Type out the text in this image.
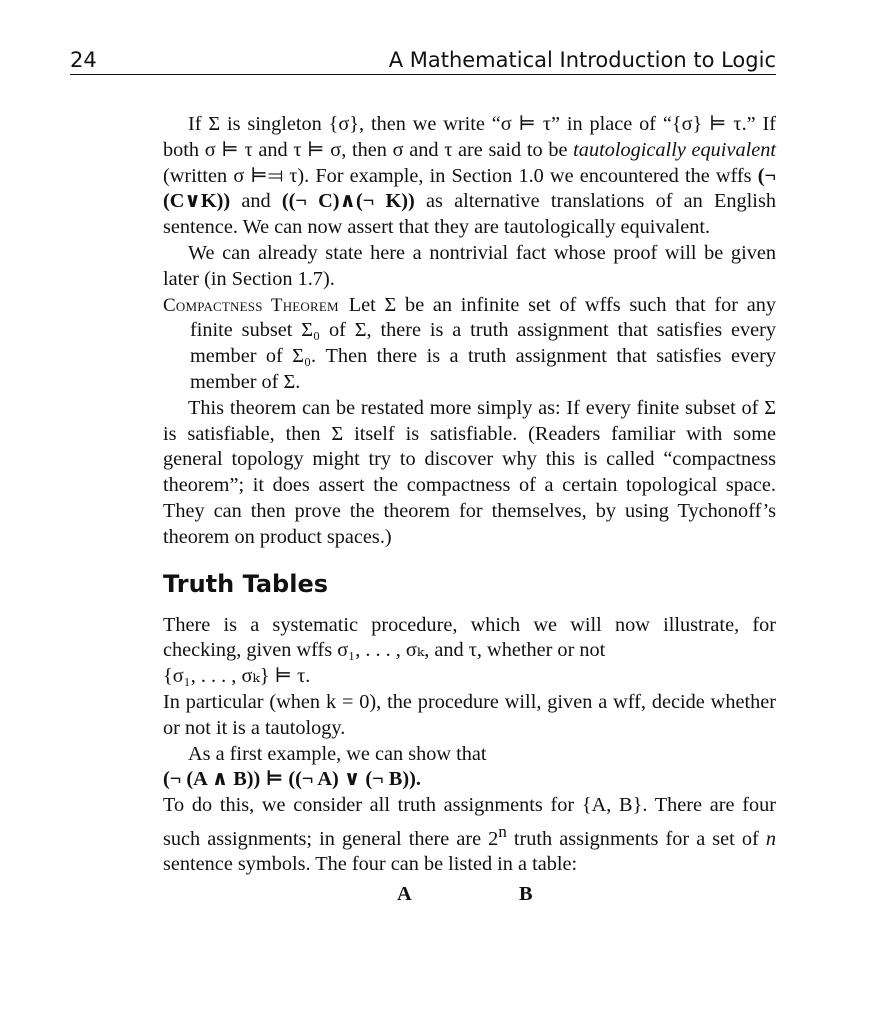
24	A Mathematical Introduction to Logic

If Σ is singleton {σ}, then we write “σ ⊨ τ” in place of “{σ} ⊨ τ.” If both σ ⊨ τ and τ ⊨ σ, then σ and τ are said to be tautologically equivalent (written σ ⊨⫤ τ). For example, in Section 1.0 we encountered the wffs (¬ (C∨K)) and ((¬ C)∧(¬ K)) as alternative translations of an English sentence. We can now assert that they are tautologically equivalent.

We can already state here a nontrivial fact whose proof will be given later (in Section 1.7).

Compactness Theorem Let Σ be an infinite set of wffs such that for any finite subset Σ₀ of Σ, there is a truth assignment that satisfies every member of Σ₀. Then there is a truth assignment that satisfies every member of Σ.

This theorem can be restated more simply as: If every finite subset of Σ is satisfiable, then Σ itself is satisfiable. (Readers familiar with some general topology might try to discover why this is called “compactness theorem”; it does assert the compactness of a certain topological space. They can then prove the theorem for themselves, by using Tychonoff’s theorem on product spaces.)

Truth Tables

There is a systematic procedure, which we will now illustrate, for checking, given wffs σ₁, . . . , σₖ, and τ, whether or not

{σ₁, . . . , σₖ} ⊨ τ.

In particular (when k = 0), the procedure will, given a wff, decide whether or not it is a tautology.

As a first example, we can show that

(¬ (A ∧ B)) ⊨ ((¬ A) ∨ (¬ B)).

To do this, we consider all truth assignments for {A, B}. There are four such assignments; in general there are 2$^n$ truth assignments for a set of n sentence symbols. The four can be listed in a table:

A	B
